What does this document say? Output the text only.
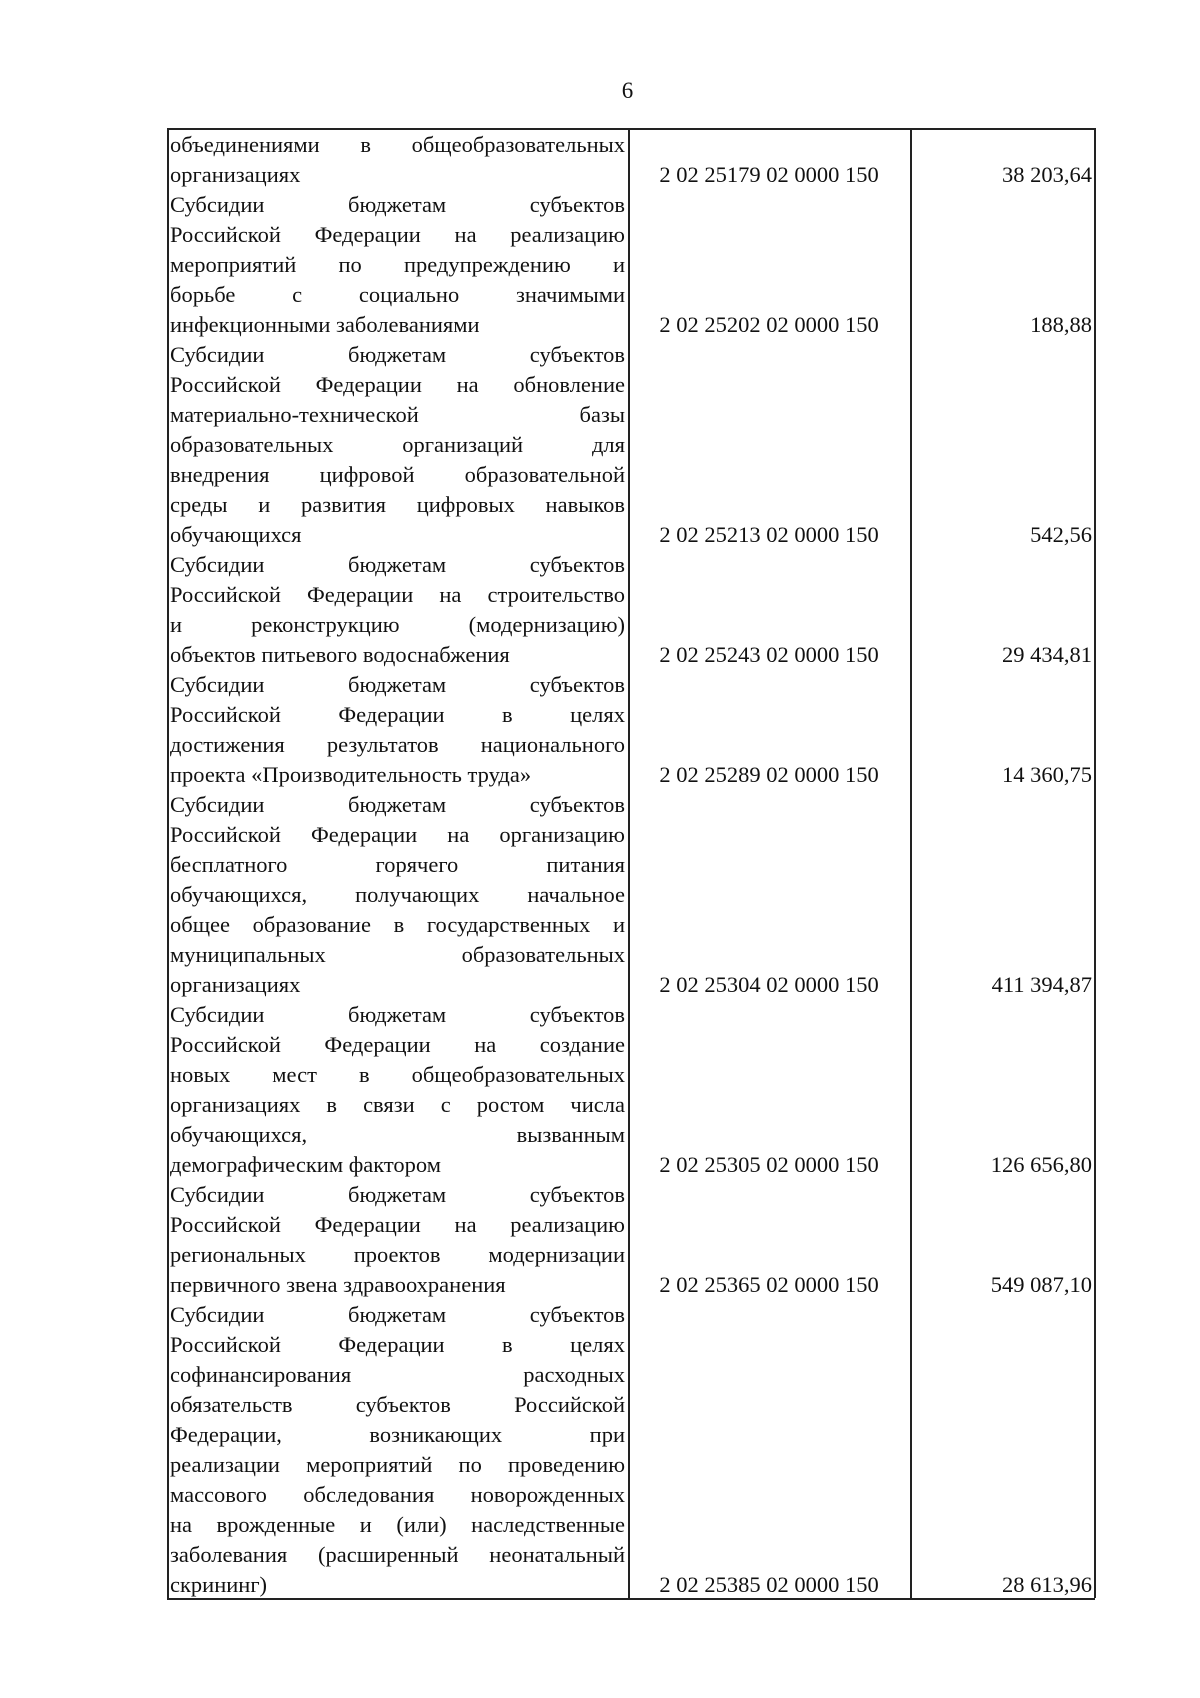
6
объединениями в общеобразовательных
организациях	2 02 25179 02 0000 150	38 203,64
Субсидии бюджетам субъектов
Российской Федерации на реализацию
мероприятий по предупреждению и
борьбе с социально значимыми
инфекционными заболеваниями	2 02 25202 02 0000 150	188,88
Субсидии бюджетам субъектов
Российской Федерации на обновление
материально-технической базы
образовательных организаций для
внедрения цифровой образовательной
среды и развития цифровых навыков
обучающихся	2 02 25213 02 0000 150	542,56
Субсидии бюджетам субъектов
Российской Федерации на строительство
и реконструкцию (модернизацию)
объектов питьевого водоснабжения	2 02 25243 02 0000 150	29 434,81
Субсидии бюджетам субъектов
Российской Федерации в целях
достижения результатов национального
проекта «Производительность труда»	2 02 25289 02 0000 150	14 360,75
Субсидии бюджетам субъектов
Российской Федерации на организацию
бесплатного горячего питания
обучающихся, получающих начальное
общее образование в государственных и
муниципальных образовательных
организациях	2 02 25304 02 0000 150	411 394,87
Субсидии бюджетам субъектов
Российской Федерации на создание
новых мест в общеобразовательных
организациях в связи с ростом числа
обучающихся, вызванным
демографическим фактором	2 02 25305 02 0000 150	126 656,80
Субсидии бюджетам субъектов
Российской Федерации на реализацию
региональных проектов модернизации
первичного звена здравоохранения	2 02 25365 02 0000 150	549 087,10
Субсидии бюджетам субъектов
Российской Федерации в целях
софинансирования расходных
обязательств субъектов Российской
Федерации, возникающих при
реализации мероприятий по проведению
массового обследования новорожденных
на врожденные и (или) наследственные
заболевания (расширенный неонатальный
скрининг)	2 02 25385 02 0000 150	28 613,96
